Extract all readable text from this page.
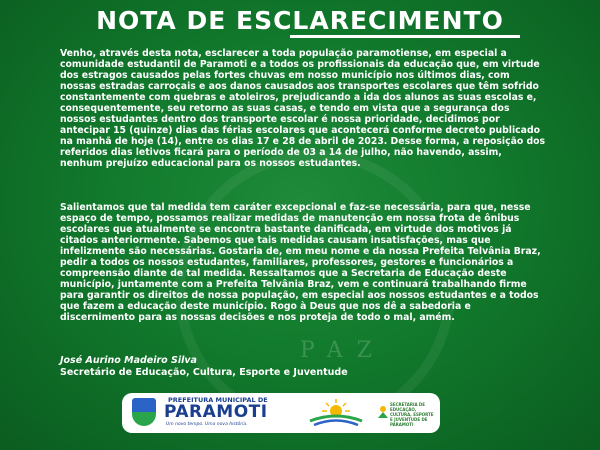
PAZ
NOTA DE ESCLARECIMENTO

Venho, através desta nota, esclarecer a toda população paramotiense, em especial a comunidade estudantil de Paramoti e a todos os profissionais da educação que, em virtude dos estragos causados pelas fortes chuvas em nosso município nos últimos dias, com nossas estradas carroçais e aos danos causados aos transportes escolares que têm sofrido constantemente com quebras e atoleiros, prejudicando a ida dos alunos as suas escolas e, consequentemente, seu retorno as suas casas, e tendo em vista que a segurança dos nossos estudantes dentro dos transporte escolar é nossa prioridade, decidimos por antecipar 15 (quinze) dias das férias escolares que acontecerá conforme decreto publicado na manhã de hoje (14), entre os dias 17 e 28 de abril de 2023. Desse forma, a reposição dos referidos dias letivos ficará para o período de 03 a 14 de julho, não havendo, assim, nenhum prejuízo educacional para os nossos estudantes.

Salientamos que tal medida tem caráter excepcional e faz-se necessária, para que, nesse espaço de tempo, possamos realizar medidas de manutenção em nossa frota de ônibus escolares que atualmente se encontra bastante danificada, em virtude dos motivos já citados anteriormente. Sabemos que tais medidas causam insatisfações, mas que infelizmente são necessárias. Gostaria de, em meu nome e da nossa Prefeita Telvânia Braz, pedir a todos os nossos estudantes, familiares, professores, gestores e funcionários a compreensão diante de tal medida. Ressaltamos que a Secretaria de Educação deste município, juntamente com a Prefeita Telvânia Braz, vem e continuará trabalhando firme para garantir os direitos de nossa população, em especial aos nossos estudantes e a todos que fazem a educação deste município. Rogo à Deus que nos dê a sabedoria e discernimento para as nossas decisões e nos proteja de todo o mal, amém.

José Aurino Madeiro Silva
Secretário de Educação, Cultura, Esporte e Juventude
PREFEITURA MUNICIPAL DE
PARAMOTI
Um novo tempo. Uma nova história.
SECRETARIA DE EDUCAÇÃO, CULTURA, ESPORTE E JUVENTUDE DE PARAMOTI
